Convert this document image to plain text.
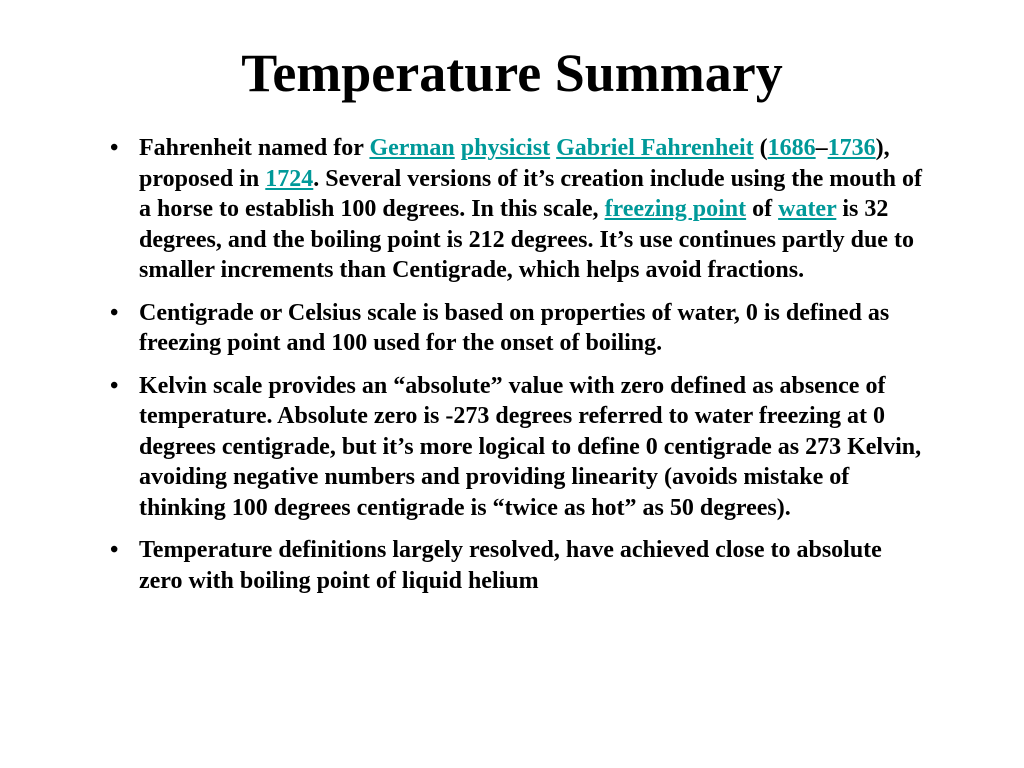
Temperature Summary
• Fahrenheit named for German physicist Gabriel Fahrenheit (1686–1736), proposed in 1724. Several versions of it’s creation include using the mouth of a horse to establish 100 degrees. In this scale, freezing point of water is 32 degrees, and the boiling point is 212 degrees. It’s use continues partly due to smaller increments than Centigrade, which helps avoid fractions.
• Centigrade or Celsius scale is based on properties of water, 0 is defined as freezing point and 100 used for the onset of boiling.
• Kelvin scale provides an “absolute” value with zero defined as absence of temperature. Absolute zero is -273 degrees referred to water freezing at 0 degrees centigrade, but it’s more logical to define 0 centigrade as 273 Kelvin, avoiding negative numbers and providing linearity (avoids mistake of thinking 100 degrees centigrade is “twice as hot” as 50 degrees).
• Temperature definitions largely resolved, have achieved close to absolute zero with boiling point of liquid helium
